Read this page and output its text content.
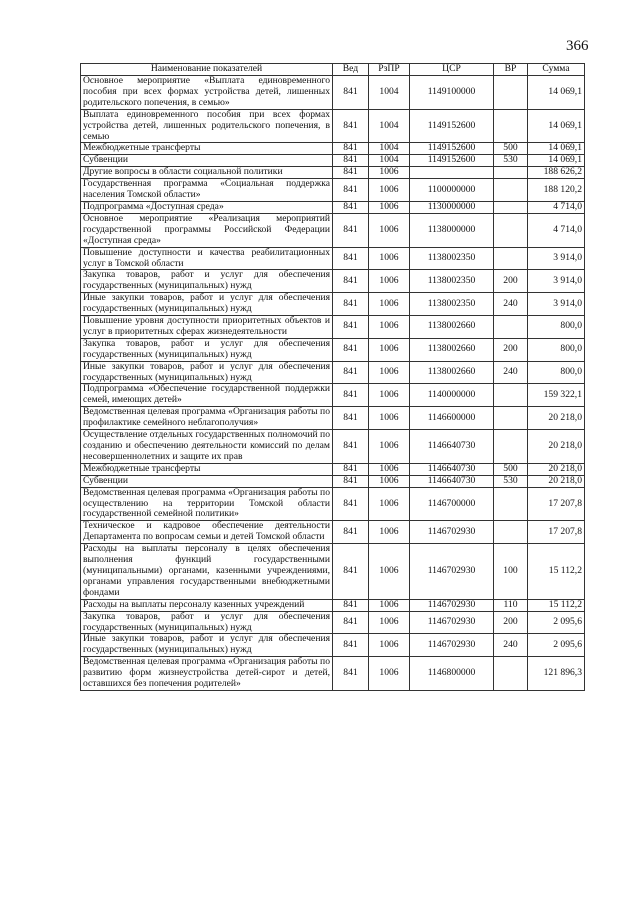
366
Наименование показателей	Вед	РзПР	ЦСР	ВР	Сумма
Основное мероприятие «Выплата единовременного пособия при всех формах устройства детей, лишенных родительского попечения, в семью»	841	1004	1149100000		14 069,1
Выплата единовременного пособия при всех формах устройства детей, лишенных родительского попечения, в семью	841	1004	1149152600		14 069,1
Межбюджетные трансферты	841	1004	1149152600	500	14 069,1
Субвенции	841	1004	1149152600	530	14 069,1
Другие вопросы в области социальной политики	841	1006			188 626,2
Государственная программа «Социальная поддержка населения Томской области»	841	1006	1100000000		188 120,2
Подпрограмма «Доступная среда»	841	1006	1130000000		4 714,0
Основное мероприятие «Реализация мероприятий государственной программы Российской Федерации «Доступная среда»	841	1006	1138000000		4 714,0
Повышение доступности и качества реабилитационных услуг в Томской области	841	1006	1138002350		3 914,0
Закупка товаров, работ и услуг для обеспечения государственных (муниципальных) нужд	841	1006	1138002350	200	3 914,0
Иные закупки товаров, работ и услуг для обеспечения государственных (муниципальных) нужд	841	1006	1138002350	240	3 914,0
Повышение уровня доступности приоритетных объектов и услуг в приоритетных сферах жизнедеятельности	841	1006	1138002660		800,0
Закупка товаров, работ и услуг для обеспечения государственных (муниципальных) нужд	841	1006	1138002660	200	800,0
Иные закупки товаров, работ и услуг для обеспечения государственных (муниципальных) нужд	841	1006	1138002660	240	800,0
Подпрограмма «Обеспечение государственной поддержки семей, имеющих детей»	841	1006	1140000000		159 322,1
Ведомственная целевая программа «Организация работы по профилактике семейного неблагополучия»	841	1006	1146600000		20 218,0
Осуществление отдельных государственных полномочий по созданию и обеспечению деятельности комиссий по делам несовершеннолетних и защите их прав	841	1006	1146640730		20 218,0
Межбюджетные трансферты	841	1006	1146640730	500	20 218,0
Субвенции	841	1006	1146640730	530	20 218,0
Ведомственная целевая программа «Организация работы по осуществлению на территории Томской области государственной семейной политики»	841	1006	1146700000		17 207,8
Техническое и кадровое обеспечение деятельности Департамента по вопросам семьи и детей Томской области	841	1006	1146702930		17 207,8
Расходы на выплаты персоналу в целях обеспечения выполнения функций государственными (муниципальными) органами, казенными учреждениями, органами управления государственными внебюджетными фондами	841	1006	1146702930	100	15 112,2
Расходы на выплаты персоналу казенных учреждений	841	1006	1146702930	110	15 112,2
Закупка товаров, работ и услуг для обеспечения государственных (муниципальных) нужд	841	1006	1146702930	200	2 095,6
Иные закупки товаров, работ и услуг для обеспечения государственных (муниципальных) нужд	841	1006	1146702930	240	2 095,6
Ведомственная целевая программа «Организация работы по развитию форм жизнеустройства детей-сирот и детей, оставшихся без попечения родителей»	841	1006	1146800000		121 896,3
